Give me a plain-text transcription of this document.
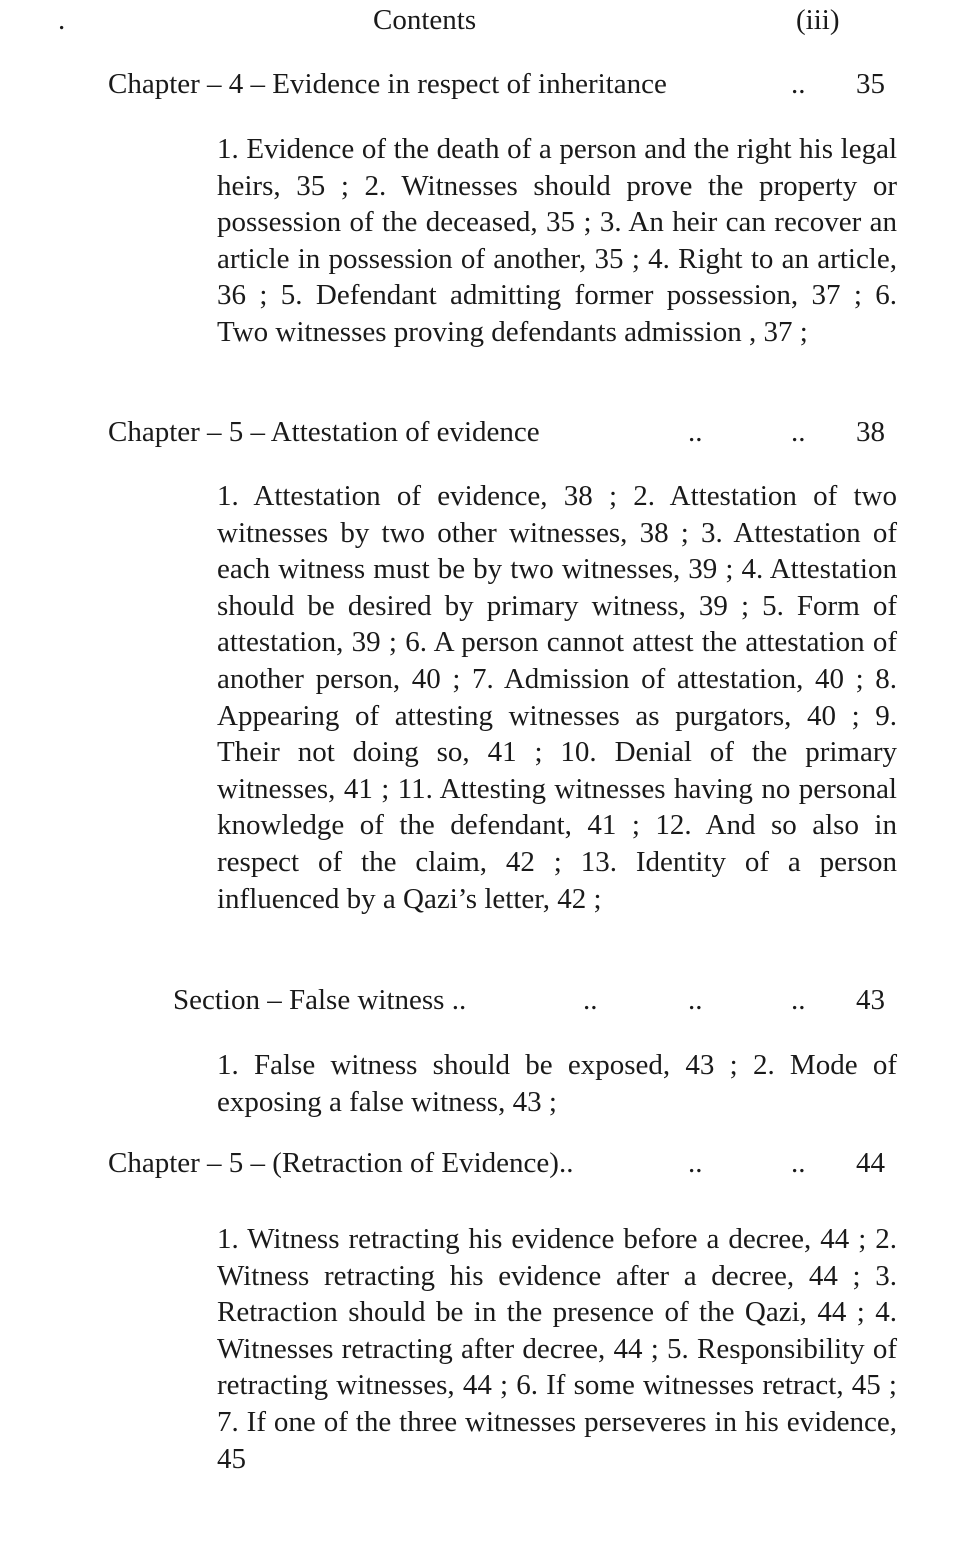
.	Contents	(iii)
Chapter – 4 – Evidence in respect of inheritance	.. 35
1. Evidence of the death of a person and the right his legal heirs, 35 ; 2. Witnesses should prove the property or possession of the deceased, 35 ; 3. An heir can recover an article in possession of another, 35 ; 4. Right to an article, 36 ; 5. Defendant admitting former possession, 37 ; 6. Two witnesses proving defendants admission , 37 ;
Chapter – 5 – Attestation of evidence	..	.. 38
1. Attestation of evidence, 38 ; 2. Attestation of two witnesses by two other witnesses, 38 ; 3. Attestation of each witness must be by two witnesses, 39 ; 4. Attestation should be desired by primary witness, 39 ; 5. Form of attestation, 39 ; 6. A person cannot attest the attestation of another person, 40 ; 7. Admission of attestation, 40 ; 8. Appearing of attesting witnesses as purgators, 40 ; 9. Their not doing so, 41 ; 10. Denial of the primary witnesses, 41 ; 11. Attesting witnesses having no personal knowledge of the defendant, 41 ; 12. And so also in respect of the claim, 42 ; 13. Identity of a person influenced by a Qazi’s letter, 42 ;
Section – False witness ..	..	..	.. 43
1. False witness should be exposed, 43 ; 2. Mode of exposing a false witness, 43 ;
Chapter – 5 – (Retraction of Evidence)..	..	.. 44
1. Witness retracting his evidence before a decree, 44 ; 2. Witness retracting his evidence after a decree, 44 ; 3. Retraction should be in the presence of the Qazi, 44 ; 4. Witnesses retracting after decree, 44 ; 5. Responsibility of retracting witnesses, 44 ; 6. If some witnesses retract, 45 ; 7. If one of the three witnesses perseveres in his evidence, 45
